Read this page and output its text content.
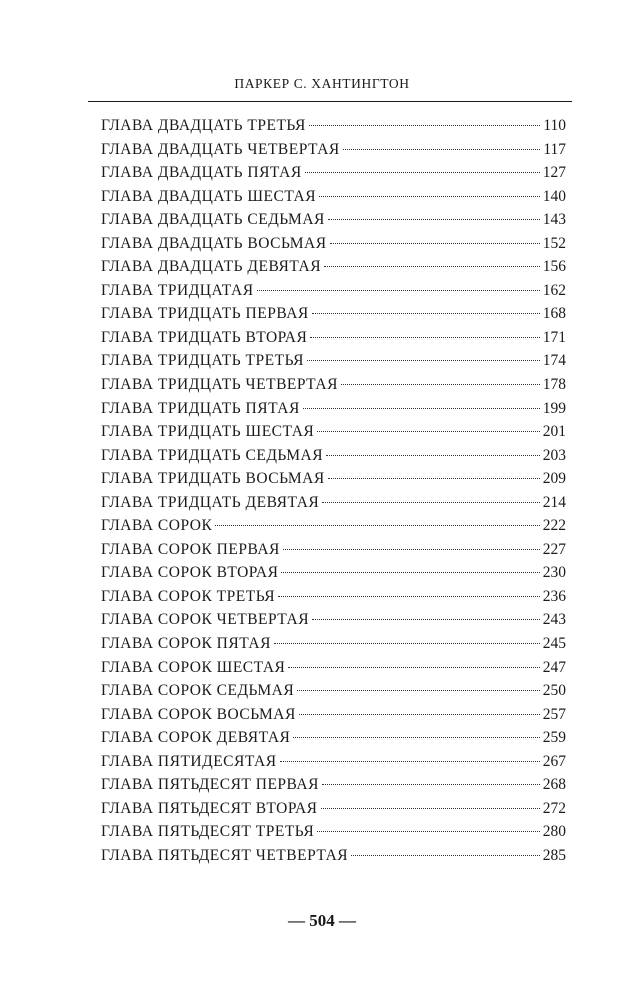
ПАРКЕР С. ХАНТИНГТОН
ГЛАВА ДВАДЦАТЬ ТРЕТЬЯ	110
ГЛАВА ДВАДЦАТЬ ЧЕТВЕРТАЯ	117
ГЛАВА ДВАДЦАТЬ ПЯТАЯ	127
ГЛАВА ДВАДЦАТЬ ШЕСТАЯ	140
ГЛАВА ДВАДЦАТЬ СЕДЬМАЯ	143
ГЛАВА ДВАДЦАТЬ ВОСЬМАЯ	152
ГЛАВА ДВАДЦАТЬ ДЕВЯТАЯ	156
ГЛАВА ТРИДЦАТАЯ	162
ГЛАВА ТРИДЦАТЬ ПЕРВАЯ	168
ГЛАВА ТРИДЦАТЬ ВТОРАЯ	171
ГЛАВА ТРИДЦАТЬ ТРЕТЬЯ	174
ГЛАВА ТРИДЦАТЬ ЧЕТВЕРТАЯ	178
ГЛАВА ТРИДЦАТЬ ПЯТАЯ	199
ГЛАВА ТРИДЦАТЬ ШЕСТАЯ	201
ГЛАВА ТРИДЦАТЬ СЕДЬМАЯ	203
ГЛАВА ТРИДЦАТЬ ВОСЬМАЯ	209
ГЛАВА ТРИДЦАТЬ ДЕВЯТАЯ	214
ГЛАВА СОРОК	222
ГЛАВА СОРОК ПЕРВАЯ	227
ГЛАВА СОРОК ВТОРАЯ	230
ГЛАВА СОРОК ТРЕТЬЯ	236
ГЛАВА СОРОК ЧЕТВЕРТАЯ	243
ГЛАВА СОРОК ПЯТАЯ	245
ГЛАВА СОРОК ШЕСТАЯ	247
ГЛАВА СОРОК СЕДЬМАЯ	250
ГЛАВА СОРОК ВОСЬМАЯ	257
ГЛАВА СОРОК ДЕВЯТАЯ	259
ГЛАВА ПЯТИДЕСЯТАЯ	267
ГЛАВА ПЯТЬДЕСЯТ ПЕРВАЯ	268
ГЛАВА ПЯТЬДЕСЯТ ВТОРАЯ	272
ГЛАВА ПЯТЬДЕСЯТ ТРЕТЬЯ	280
ГЛАВА ПЯТЬДЕСЯТ ЧЕТВЕРТАЯ	285
— 504 —
